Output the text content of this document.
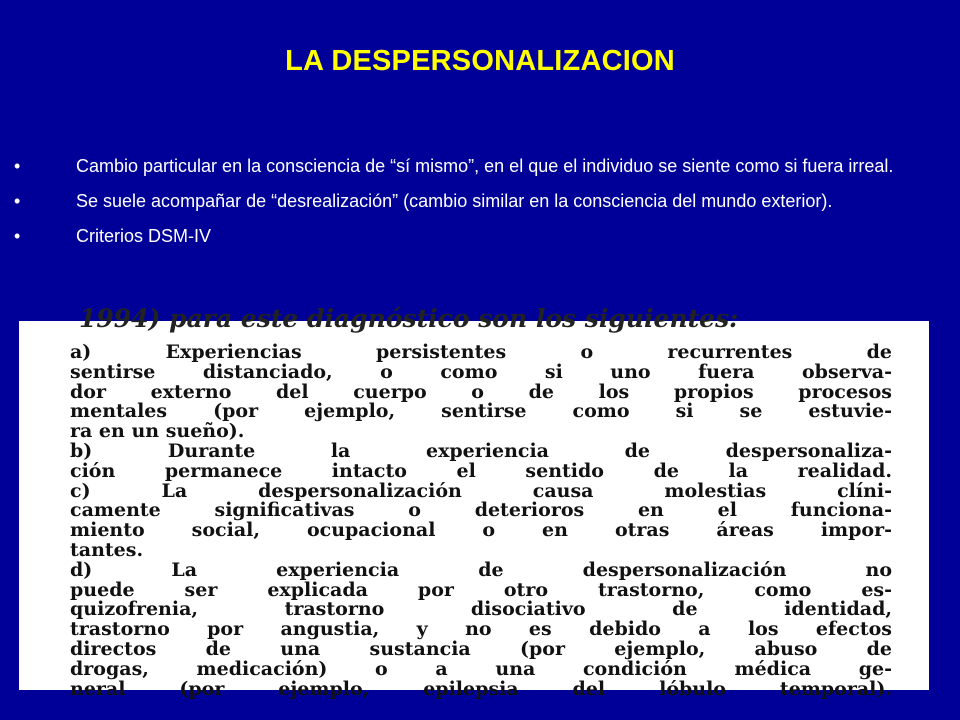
LA DESPERSONALIZACION
•	Cambio particular en la consciencia de “sí mismo”, en el que el individuo se siente como si fuera irreal.
•	Se suele acompañar de “desrealización” (cambio similar en la consciencia del mundo exterior).
•	Criterios DSM-IV
1994) para este diagnóstico son los siguientes:
a) Experiencias persistentes o recurrentes de
sentirse distanciado, o como si uno fuera observa-
dor externo del cuerpo o de los propios procesos
mentales (por ejemplo, sentirse como si se estuvie-
ra en un sueño).
b) Durante la experiencia de despersonaliza-
ción permanece intacto el sentido de la realidad.
c) La despersonalización causa molestias clíni-
camente significativas o deterioros en el funciona-
miento social, ocupacional o en otras áreas impor-
tantes.
d) La experiencia de despersonalización no
puede ser explicada por otro trastorno, como es-
quizofrenia, trastorno disociativo de identidad,
trastorno por angustia, y no es debido a los efectos
directos de una sustancia (por ejemplo, abuso de
drogas, medicación) o a una condición médica ge-
neral (por ejemplo, epilepsia del lóbulo temporal).
